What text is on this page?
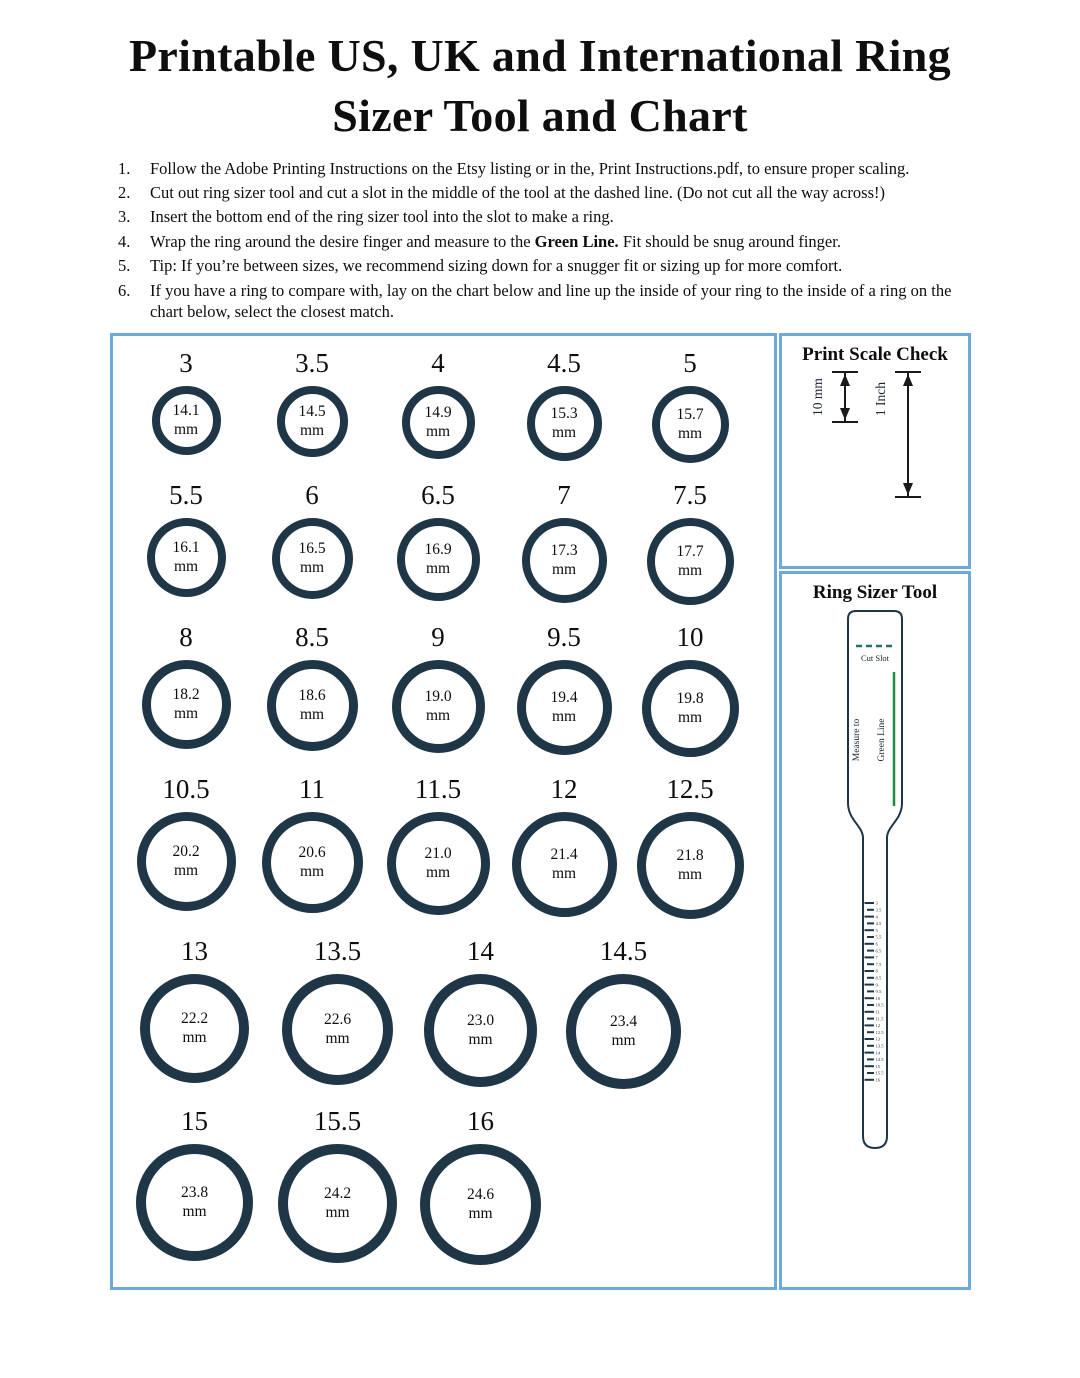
Printable US, UK and International Ring
Sizer Tool and Chart
1.	Follow the Adobe Printing Instructions on the Etsy listing or in the, Print Instructions.pdf, to ensure proper scaling.
2.	Cut out ring sizer tool and cut a slot in the middle of the tool at the dashed line. (Do not cut all the way across!)
3.	Insert the bottom end of the ring sizer tool into the slot to make a ring.
4.	Wrap the ring around the desire finger and measure to the Green Line. Fit should be snug around finger.
5.	Tip: If you’re between sizes, we recommend sizing down for a snugger fit or sizing up for more comfort.
6.	If you have a ring to compare with, lay on the chart below and line up the inside of your ring to the inside of a ring on the chart below, select the closest match.
3
14.1
mm
3.5
14.5
mm
4
14.9
mm
4.5
15.3
mm
5
15.7
mm
5.5
16.1
mm
6
16.5
mm
6.5
16.9
mm
7
17.3
mm
7.5
17.7
mm
8
18.2
mm
8.5
18.6
mm
9
19.0
mm
9.5
19.4
mm
10
19.8
mm
10.5
20.2
mm
11
20.6
mm
11.5
21.0
mm
12
21.4
mm
12.5
21.8
mm
13
22.2
mm
13.5
22.6
mm
14
23.0
mm
14.5
23.4
mm
15
23.8
mm
15.5
24.2
mm
16
24.6
mm
Print Scale Check
10 mm	1 Inch
Ring Sizer Tool
Cut Slot
Measure to Green Line
3
3.5
4
4.5
5
5.5
6
6.5
7
7.5
8
8.5
9
9.5
10
10.5
11
11.5
12
12.5
13
13.5
14
14.5
15
15.5
16
